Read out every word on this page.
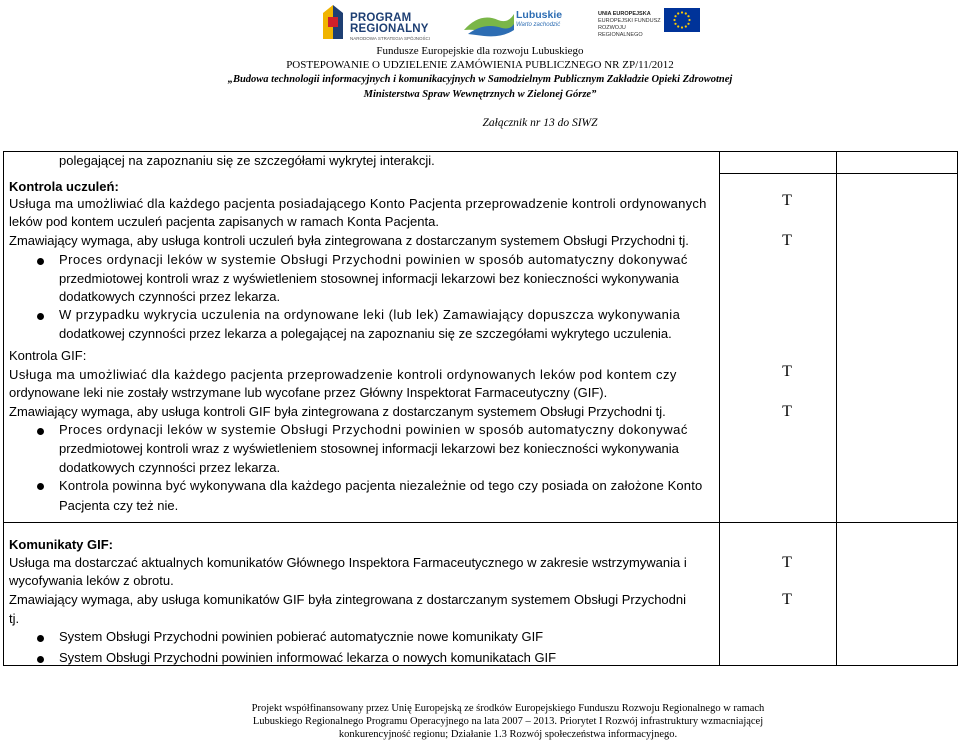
PROGRAM
REGIONALNY
NARODOWA STRATEGIA SPÓJNOŚCI
Lubuskie
Warto zachodzić
UNIA EUROPEJSKA
EUROPEJSKI FUNDUSZ
ROZWOJU REGIONALNEGO
Fundusze Europejskie dla rozwoju Lubuskiego
POSTEPOWANIE O UDZIELENIE ZAMÓWIENIA PUBLICZNEGO NR ZP/11/2012
„Budowa technologii informacyjnych i komunikacyjnych w Samodzielnym Publicznym Zakładzie Opieki Zdrowotnej
Ministerstwa Spraw Wewnętrznych w Zielonej Górze”
Załącznik nr 13 do SIWZ
polegającej na zapoznaniu się ze szczegółami wykrytej interakcji.
Kontrola uczuleń:
Usługa ma umożliwiać dla każdego pacjenta posiadającego Konto Pacjenta przeprowadzenie kontroli ordynowanych
leków pod kontem uczuleń pacjenta zapisanych w ramach Konta Pacjenta.
Zmawiający wymaga, aby usługa kontroli uczuleń była zintegrowana z dostarczanym systemem Obsługi Przychodni tj.
Proces ordynacji leków w systemie Obsługi Przychodni powinien w sposób automatyczny dokonywać
przedmiotowej kontroli wraz z wyświetleniem stosownej informacji lekarzowi bez konieczności wykonywania
dodatkowych czynności przez lekarza.
W przypadku wykrycia uczulenia na ordynowane leki (lub lek) Zamawiający dopuszcza wykonywania
dodatkowej czynności przez lekarza a polegającej na zapoznaniu się ze szczegółami wykrytego uczulenia.
T
T
Kontrola GIF:
Usługa ma umożliwiać dla każdego pacjenta przeprowadzenie kontroli ordynowanych leków pod kontem czy
ordynowane leki nie zostały wstrzymane lub wycofane przez Główny Inspektorat Farmaceutyczny (GIF).
Zmawiający wymaga, aby usługa kontroli GIF była zintegrowana z dostarczanym systemem Obsługi Przychodni tj.
Proces ordynacji leków w systemie Obsługi Przychodni powinien w sposób automatyczny dokonywać
przedmiotowej kontroli wraz z wyświetleniem stosownej informacji lekarzowi bez konieczności wykonywania
dodatkowych czynności przez lekarza.
Kontrola powinna być wykonywana dla każdego pacjenta niezależnie od tego czy posiada on założone Konto
Pacjenta czy też nie.
T
T
Komunikaty GIF:
Usługa ma dostarczać aktualnych komunikatów Głównego Inspektora Farmaceutycznego w zakresie wstrzymywania i
wycofywania leków z obrotu.
Zmawiający wymaga, aby usługa komunikatów GIF była zintegrowana z dostarczanym systemem Obsługi Przychodni
tj.
System Obsługi Przychodni powinien pobierać automatycznie nowe komunikaty GIF
System Obsługi Przychodni powinien informować lekarza o nowych komunikatach GIF
T
T
Projekt współfinansowany przez Unię Europejską ze środków Europejskiego Funduszu Rozwoju Regionalnego w ramach
Lubuskiego Regionalnego Programu Operacyjnego na lata 2007 – 2013. Priorytet I Rozwój infrastruktury wzmacniającej
konkurencyjność regionu; Działanie 1.3 Rozwój społeczeństwa informacyjnego.
